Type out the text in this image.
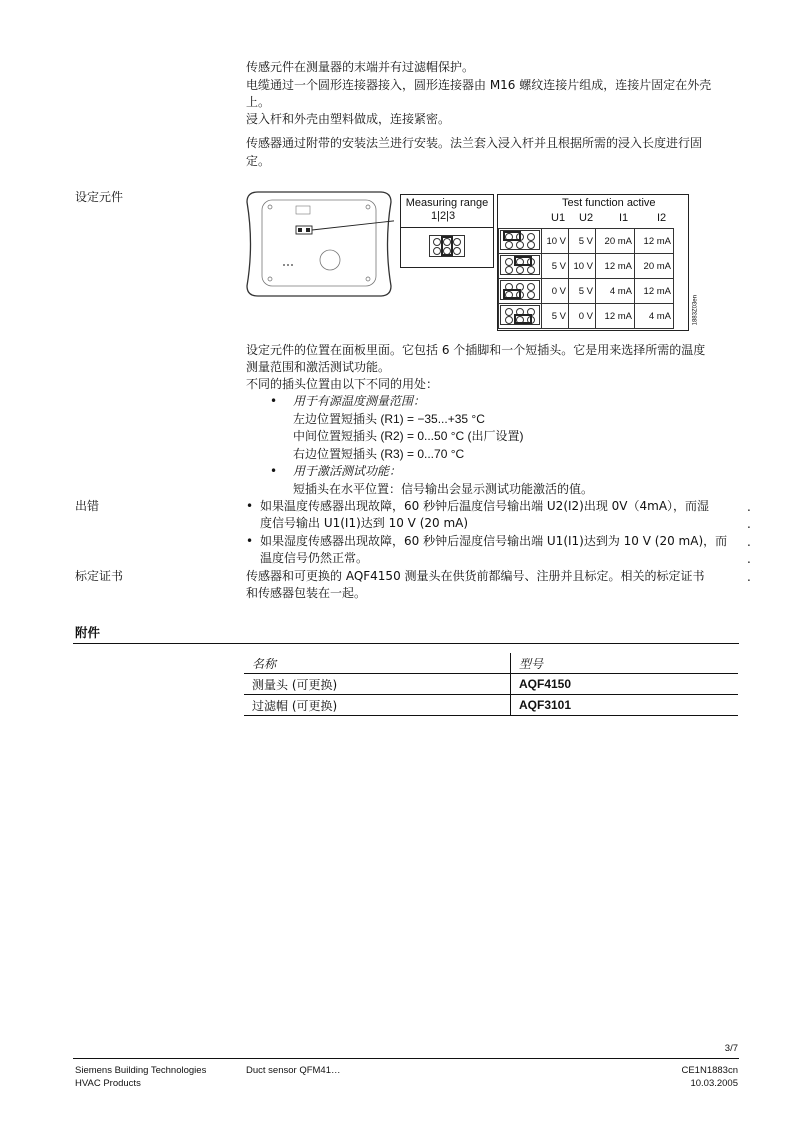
传感元件在测量器的末端并有过滤帽保护。
电缆通过一个圆形连接器接入，圆形连接器由 M16 螺纹连接片组成，连接片固定在外壳
上。
浸入杆和外壳由塑料做成，连接紧密。
传感器通过附带的安装法兰进行安装。法兰套入浸入杆并且根据所需的浸入长度进行固
定。
设定元件	Measuring range
1|2|3
Test function active
U1 U2 I1	I2
	10 V	5 V	20 mA	12 mA

	5 V	10 V	12 mA	20 mA

	0 V	5 V	4 mA	12 mA

	5 V	0 V	12 mA	4 mA	1883Z03en
设定元件的位置在面板里面。它包括 6 个插脚和一个短插头。它是用来选择所需的温度
测量范围和激活测试功能。
不同的插头位置由以下不同的用处：
• 用于有源温度测量范围：
左边位置短插头 (R1) = −35...+35 °C
中间位置短插头 (R2) = 0...50 °C (出厂设置)
右边位置短插头 (R3) = 0...70 °C
• 用于激活测试功能：
短插头在水平位置：信号输出会显示测试功能激活的值。
出错	• 如果温度传感器出现故障，60 秒钟后温度信号输出端 U2(I2)出现 0V（4mA），而湿
度信号输出 U1(I1)达到 10 V (20 mA)
• 如果湿度传感器出现故障，60 秒钟后湿度信号输出端 U1(I1)达到为 10 V (20 mA)，而
温度信号仍然正常。
.
.
.
.
.
标定证书	传感器和可更换的 AQF4150 测量头在供货前都编号、注册并且标定。相关的标定证书
和传感器包装在一起。
附件
名称	型号
测量头 (可更换)	AQF4150
过滤帽 (可更换)	AQF3101
3/7
Siemens Building Technologies
HVAC Products
Duct sensor QFM41…	CE1N1883cn
10.03.2005
